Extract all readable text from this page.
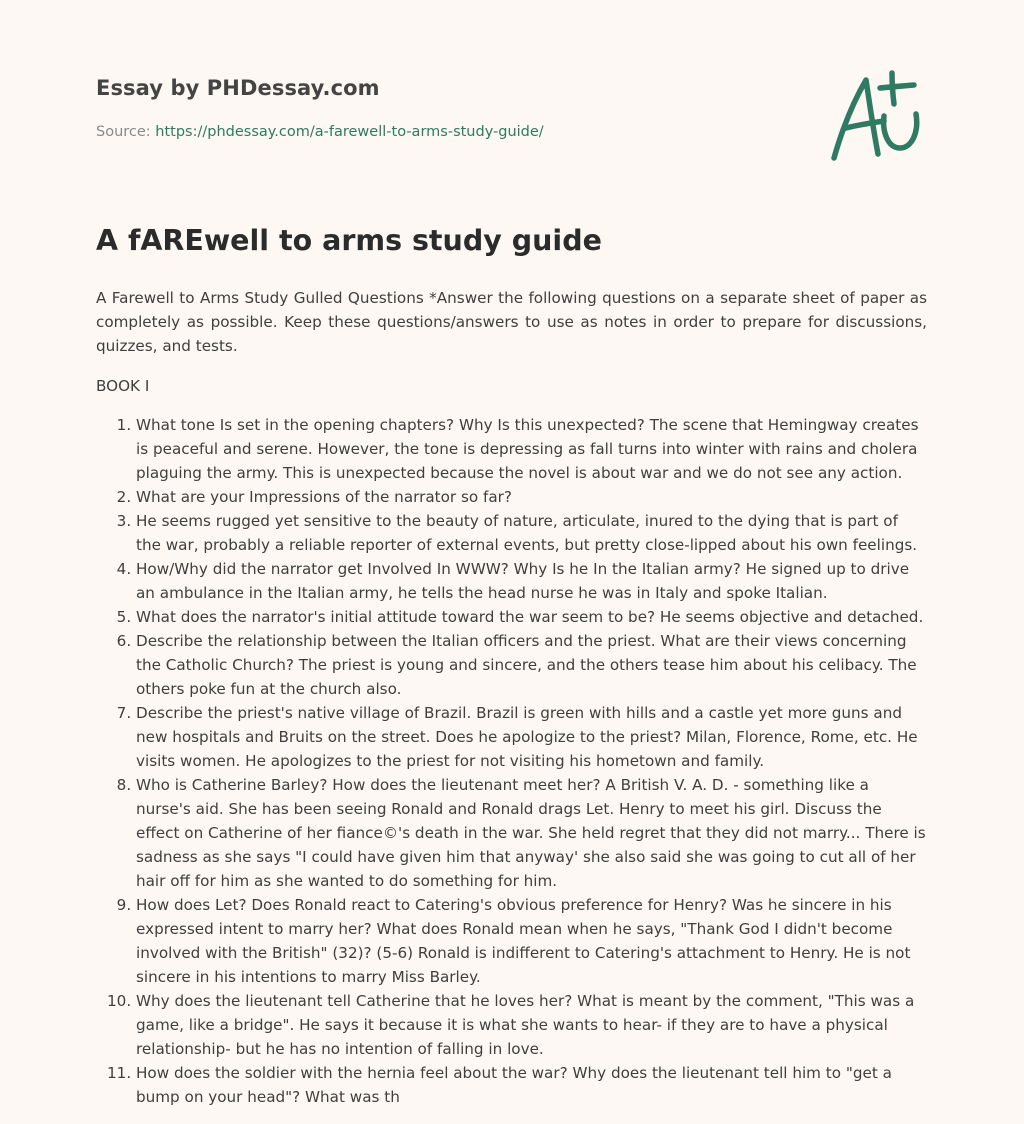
Essay by PHDessay.com
Source: https://phdessay.com/a-farewell-to-arms-study-guide/
A fAREwell to arms study guide

A Farewell to Arms Study Gulled Questions *Answer the following questions on a separate sheet of paper as completely as possible. Keep these questions/answers to use as notes in order to prepare for discussions, quizzes, and tests.

BOOK I

1. What tone Is set in the opening chapters? Why Is this unexpected? The scene that Hemingway creates is peaceful and serene. However, the tone is depressing as fall turns into winter with rains and cholera plaguing the army. This is unexpected because the novel is about war and we do not see any action.
2. What are your Impressions of the narrator so far?
3. He seems rugged yet sensitive to the beauty of nature, articulate, inured to the dying that is part of the war, probably a reliable reporter of external events, but pretty close-lipped about his own feelings.
4. How/Why did the narrator get Involved In WWW? Why Is he In the Italian army? He signed up to drive an ambulance in the Italian army, he tells the head nurse he was in Italy and spoke Italian.
5. What does the narrator's initial attitude toward the war seem to be? He seems objective and detached.
6. Describe the relationship between the Italian officers and the priest. What are their views concerning the Catholic Church? The priest is young and sincere, and the others tease him about his celibacy. The others poke fun at the church also.
7. Describe the priest's native village of Brazil. Brazil is green with hills and a castle yet more guns and new hospitals and Bruits on the street. Does he apologize to the priest? Milan, Florence, Rome, etc. He visits women. He apologizes to the priest for not visiting his hometown and family.
8. Who is Catherine Barley? How does the lieutenant meet her? A British V. A. D. - something like a nurse's aid. She has been seeing Ronald and Ronald drags Let. Henry to meet his girl. Discuss the effect on Catherine of her fiance©'s death in the war. She held regret that they did not marry... There is sadness as she says "I could have given him that anyway' she also said she was going to cut all of her hair off for him as she wanted to do something for him.
9. How does Let? Does Ronald react to Catering's obvious preference for Henry? Was he sincere in his expressed intent to marry her? What does Ronald mean when he says, "Thank God I didn't become involved with the British" (32)? (5-6) Ronald is indifferent to Catering's attachment to Henry. He is not sincere in his intentions to marry Miss Barley.
10. Why does the lieutenant tell Catherine that he loves her? What is meant by the comment, "This was a game, like a bridge". He says it because it is what she wants to hear- if they are to have a physical relationship- but he has no intention of falling in love.
11. How does the soldier with the hernia feel about the war? Why does the lieutenant tell him to "get a bump on your head"? What was th
